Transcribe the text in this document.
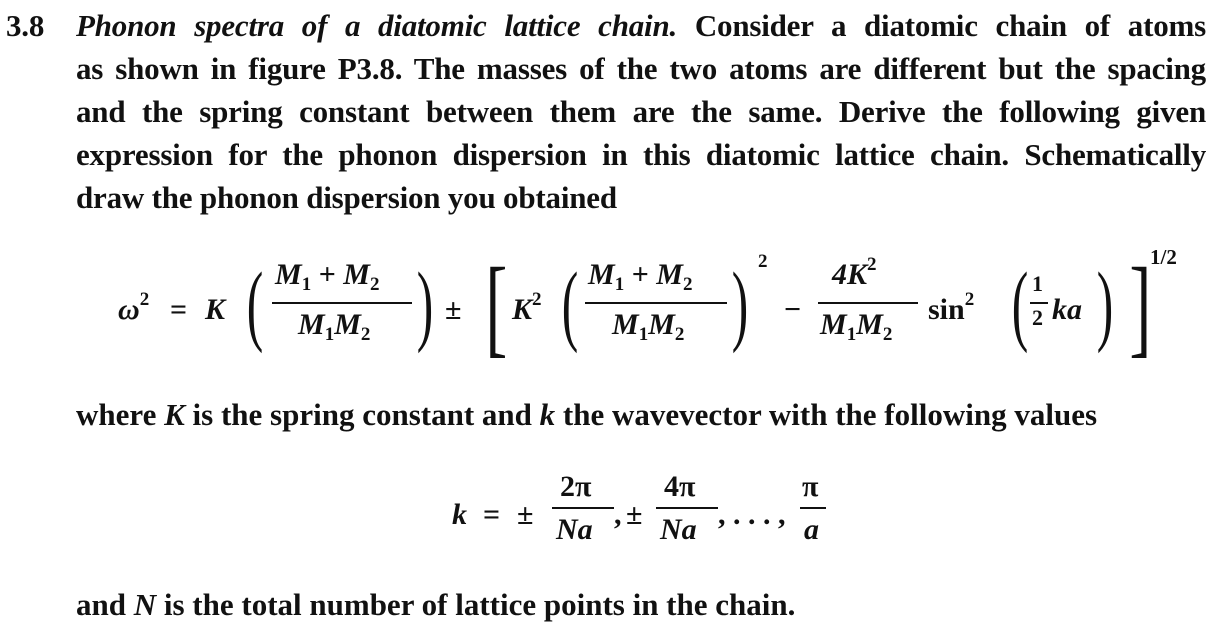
3.8 Phonon spectra of a diatomic lattice chain. Consider a diatomic chain of atoms
as shown in figure P3.8. The masses of the two atoms are different but the spacing
and the spring constant between them are the same. Derive the following given
expression for the phonon dispersion in this diatomic lattice chain. Schematically
draw the phonon dispersion you obtained
$\omega^2 = K$ ( $M_1 + M_2$
$M_1M_2$ ) ± [ $K^2$ ( $M_1 + M_2$
$M_1M_2$ ) 2
−
$4K^2$
$M_1M_2$
$\sin^2$ ( 1
2 ka ) ]
1/2
where K is the spring constant and k the wavevector with the following values
k = ±
2π
Na , ±
4π
Na , . . . ,
π
a
and N is the total number of lattice points in the chain.
